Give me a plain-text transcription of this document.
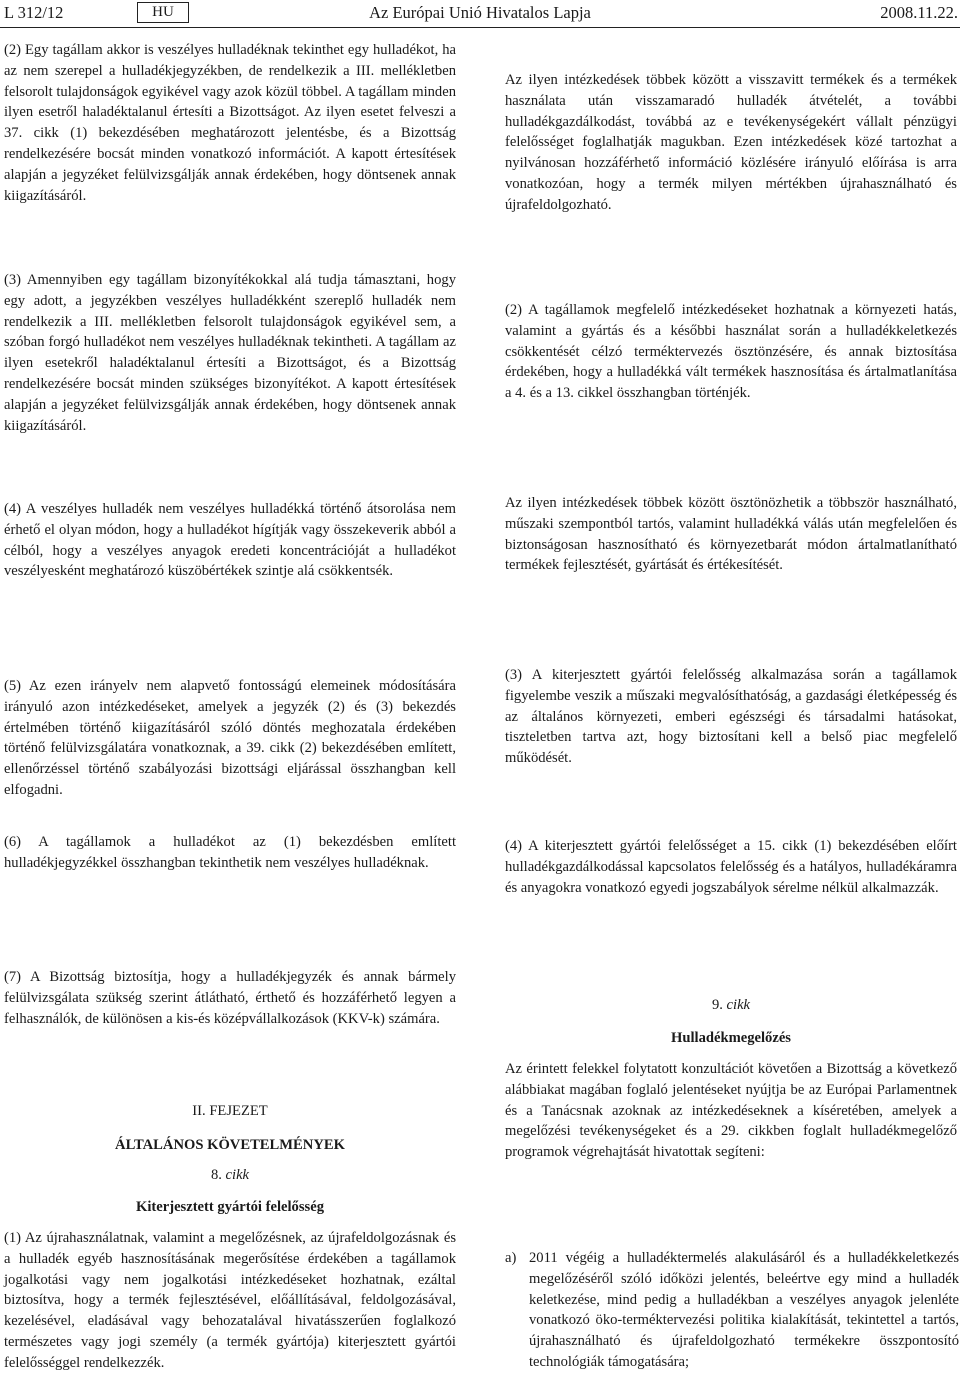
L 312/12	HU	Az Európai Unió Hivatalos Lapja	2008.11.22.

(2) Egy tagállam akkor is veszélyes hulladéknak tekinthet egy hulladékot, ha az nem szerepel a hulladékjegyzékben, de rendelkezik a III. mellékletben felsorolt tulajdonságok egyikével vagy azok közül többel. A tagállam minden ilyen esetről haladéktalanul értesíti a Bizottságot. Az ilyen esetet felveszi a 37. cikk (1) bekezdésében meghatározott jelentésbe, és a Bizottság rendelkezésére bocsát minden vonatkozó információt. A kapott értesítések alapján a jegyzéket felülvizsgálják annak érdekében, hogy döntsenek annak kiigazításáról.

(3) Amennyiben egy tagállam bizonyítékokkal alá tudja támasztani, hogy egy adott, a jegyzékben veszélyes hulladékként szereplő hulladék nem rendelkezik a III. mellékletben felsorolt tulajdonságok egyikével sem, a szóban forgó hulladékot nem veszélyes hulladéknak tekintheti. A tagállam az ilyen esetekről haladéktalanul értesíti a Bizottságot, és a Bizottság rendelkezésére bocsát minden szükséges bizonyítékot. A kapott értesítések alapján a jegyzéket felülvizsgálják annak érdekében, hogy döntsenek annak kiigazításáról.

(4) A veszélyes hulladék nem veszélyes hulladékká történő átsorolása nem érhető el olyan módon, hogy a hulladékot hígítják vagy összekeverik abból a célból, hogy a veszélyes anyagok eredeti koncentrációját a hulladékot veszélyesként meghatározó küszöbértékek szintje alá csökkentsék.

(5) Az ezen irányelv nem alapvető fontosságú elemeinek módosítására irányuló azon intézkedéseket, amelyek a jegyzék (2) és (3) bekezdés értelmében történő kiigazításáról szóló döntés meghozatala érdekében történő felülvizsgálatára vonatkoznak, a 39. cikk (2) bekezdésében említett, ellenőrzéssel történő szabályozási bizottsági eljárással összhangban kell elfogadni.

(6) A tagállamok a hulladékot az (1) bekezdésben említett hulladékjegyzékkel összhangban tekinthetik nem veszélyes hulladéknak.

(7) A Bizottság biztosítja, hogy a hulladékjegyzék és annak bármely felülvizsgálata szükség szerint átlátható, érthető és hozzáférhető legyen a felhasználók, de különösen a kis-és középvállalkozások (KKV-k) számára.

II. FEJEZET

ÁLTALÁNOS KÖVETELMÉNYEK

8. cikk

Kiterjesztett gyártói felelősség

(1) Az újrahasználatnak, valamint a megelőzésnek, az újrafeldolgozásnak és a hulladék egyéb hasznosításának megerősítése érdekében a tagállamok jogalkotási vagy nem jogalkotási intézkedéseket hozhatnak, ezáltal biztosítva, hogy a termék fejlesztésével, előállításával, feldolgozásával, kezelésével, eladásával vagy behozatalával hivatásszerűen foglalkozó természetes vagy jogi személy (a termék gyártója) kiterjesztett gyártói felelősséggel rendelkezzék.

Az ilyen intézkedések többek között a visszavitt termékek és a termékek használata után visszamaradó hulladék átvételét, a további hulladékgazdálkodást, továbbá az e tevékenységekért vállalt pénzügyi felelősséget foglalhatják magukban. Ezen intézkedések közé tartozhat a nyilvánosan hozzáférhető információ közlésére irányuló előírása is arra vonatkozóan, hogy a termék milyen mértékben újrahasználható és újrafeldolgozható.

(2) A tagállamok megfelelő intézkedéseket hozhatnak a környezeti hatás, valamint a gyártás és a későbbi használat során a hulladékkeletkezés csökkentését célzó terméktervezés ösztönzésére, és annak biztosítása érdekében, hogy a hulladékká vált termékek hasznosítása és ártalmatlanítása a 4. és a 13. cikkel összhangban történjék.

Az ilyen intézkedések többek között ösztönözhetik a többször használható, műszaki szempontból tartós, valamint hulladékká válás után megfelelően és biztonságosan hasznosítható és környezetbarát módon ártalmatlanítható termékek fejlesztését, gyártását és értékesítését.

(3) A kiterjesztett gyártói felelősség alkalmazása során a tagállamok figyelembe veszik a műszaki megvalósíthatóság, a gazdasági életképesség és az általános környezeti, emberi egészségi és társadalmi hatásokat, tiszteletben tartva azt, hogy biztosítani kell a belső piac megfelelő működését.

(4) A kiterjesztett gyártói felelősséget a 15. cikk (1) bekezdésében előírt hulladékgazdálkodással kapcsolatos felelősség és a hatályos, hulladékáramra és anyagokra vonatkozó egyedi jogszabályok sérelme nélkül alkalmazzák.

9. cikk

Hulladékmegelőzés

Az érintett felekkel folytatott konzultációt követően a Bizottság a következő alábbiakat magában foglaló jelentéseket nyújtja be az Európai Parlamentnek és a Tanácsnak azoknak az intézkedéseknek a kíséretében, amelyek a megelőzési tevékenységeket és a 29. cikkben foglalt hulladékmegelőző programok végrehajtását hivatottak segíteni:

a) 2011 végéig a hulladéktermelés alakulásáról és a hulladékkeletkezés megelőzéséről szóló időközi jelentés, beleértve egy mind a hulladék keletkezése, mind pedig a hulladékban a veszélyes anyagok jelenléte vonatkozó öko-terméktervezési politika kialakítását, tekintettel a tartós, újrahasználható és újrafeldolgozható termékekre összpontosító technológiák támogatására;
